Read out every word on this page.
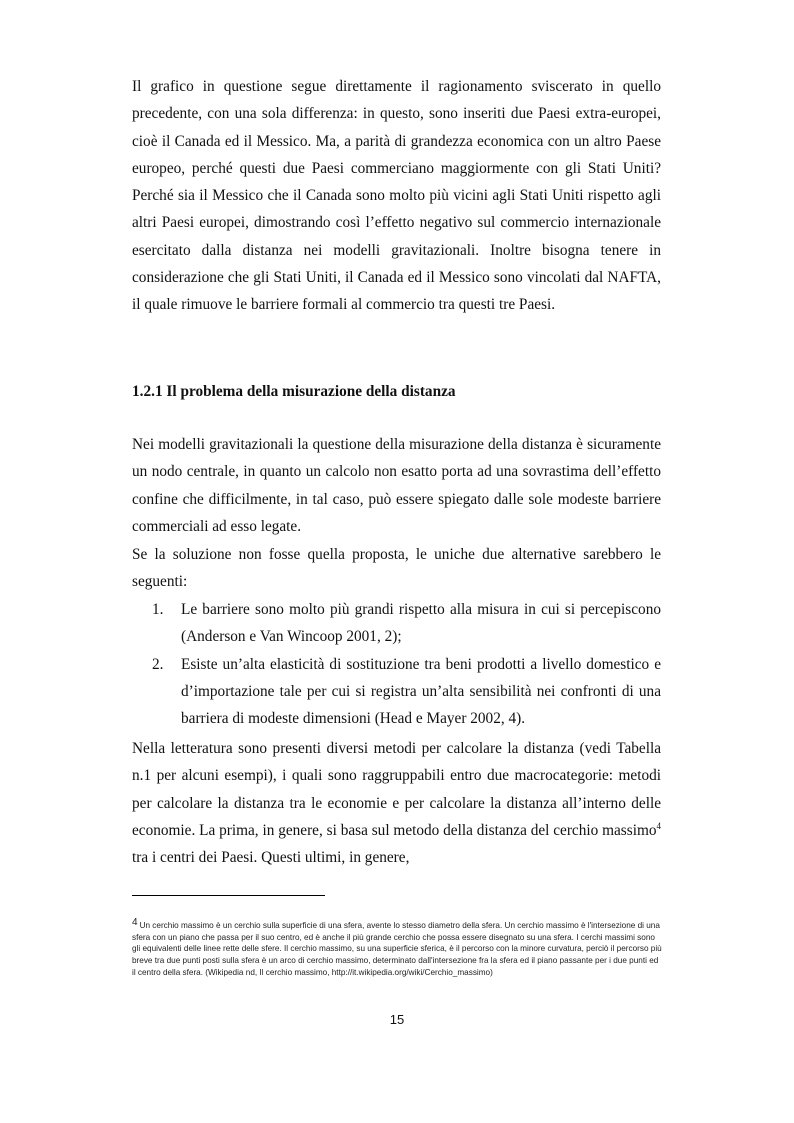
Il grafico in questione segue direttamente il ragionamento sviscerato in quello precedente, con una sola differenza: in questo, sono inseriti due Paesi extra-europei, cioè il Canada ed il Messico. Ma, a parità di grandezza economica con un altro Paese europeo, perché questi due Paesi commerciano maggiormente con gli Stati Uniti? Perché sia il Messico che il Canada sono molto più vicini agli Stati Uniti rispetto agli altri Paesi europei, dimostrando così l’effetto negativo sul commercio internazionale esercitato dalla distanza nei modelli gravitazionali. Inoltre bisogna tenere in considerazione che gli Stati Uniti, il Canada ed il Messico sono vincolati dal NAFTA, il quale rimuove le barriere formali al commercio tra questi tre Paesi.

1.2.1 Il problema della misurazione della distanza

Nei modelli gravitazionali la questione della misurazione della distanza è sicuramente un nodo centrale, in quanto un calcolo non esatto porta ad una sovrastima dell’effetto confine che difficilmente, in tal caso, può essere spiegato dalle sole modeste barriere commerciali ad esso legate.

Se la soluzione non fosse quella proposta, le uniche due alternative sarebbero le seguenti:

1. Le barriere sono molto più grandi rispetto alla misura in cui si percepiscono (Anderson e Van Wincoop 2001, 2);
2. Esiste un’alta elasticità di sostituzione tra beni prodotti a livello domestico e d’importazione tale per cui si registra un’alta sensibilità nei confronti di una barriera di modeste dimensioni (Head e Mayer 2002, 4).

Nella letteratura sono presenti diversi metodi per calcolare la distanza (vedi Tabella n.1 per alcuni esempi), i quali sono raggruppabili entro due macrocategorie: metodi per calcolare la distanza tra le economie e per calcolare la distanza all’interno delle economie. La prima, in genere, si basa sul metodo della distanza del cerchio massimo$^4$ tra i centri dei Paesi. Questi ultimi, in genere,

$^4$ Un cerchio massimo è un cerchio sulla superficie di una sfera, avente lo stesso diametro della sfera. Un cerchio massimo è l'intersezione di una sfera con un piano che passa per il suo centro, ed è anche il più grande cerchio che possa essere disegnato su una sfera. I cerchi massimi sono gli equivalenti delle linee rette delle sfere. Il cerchio massimo, su una superficie sferica, è il percorso con la minore curvatura, perciò il percorso più breve tra due punti posti sulla sfera è un arco di cerchio massimo, determinato dall'intersezione fra la sfera ed il piano passante per i due punti ed il centro della sfera. (Wikipedia nd, Il cerchio massimo, http://it.wikipedia.org/wiki/Cerchio_massimo)

15
